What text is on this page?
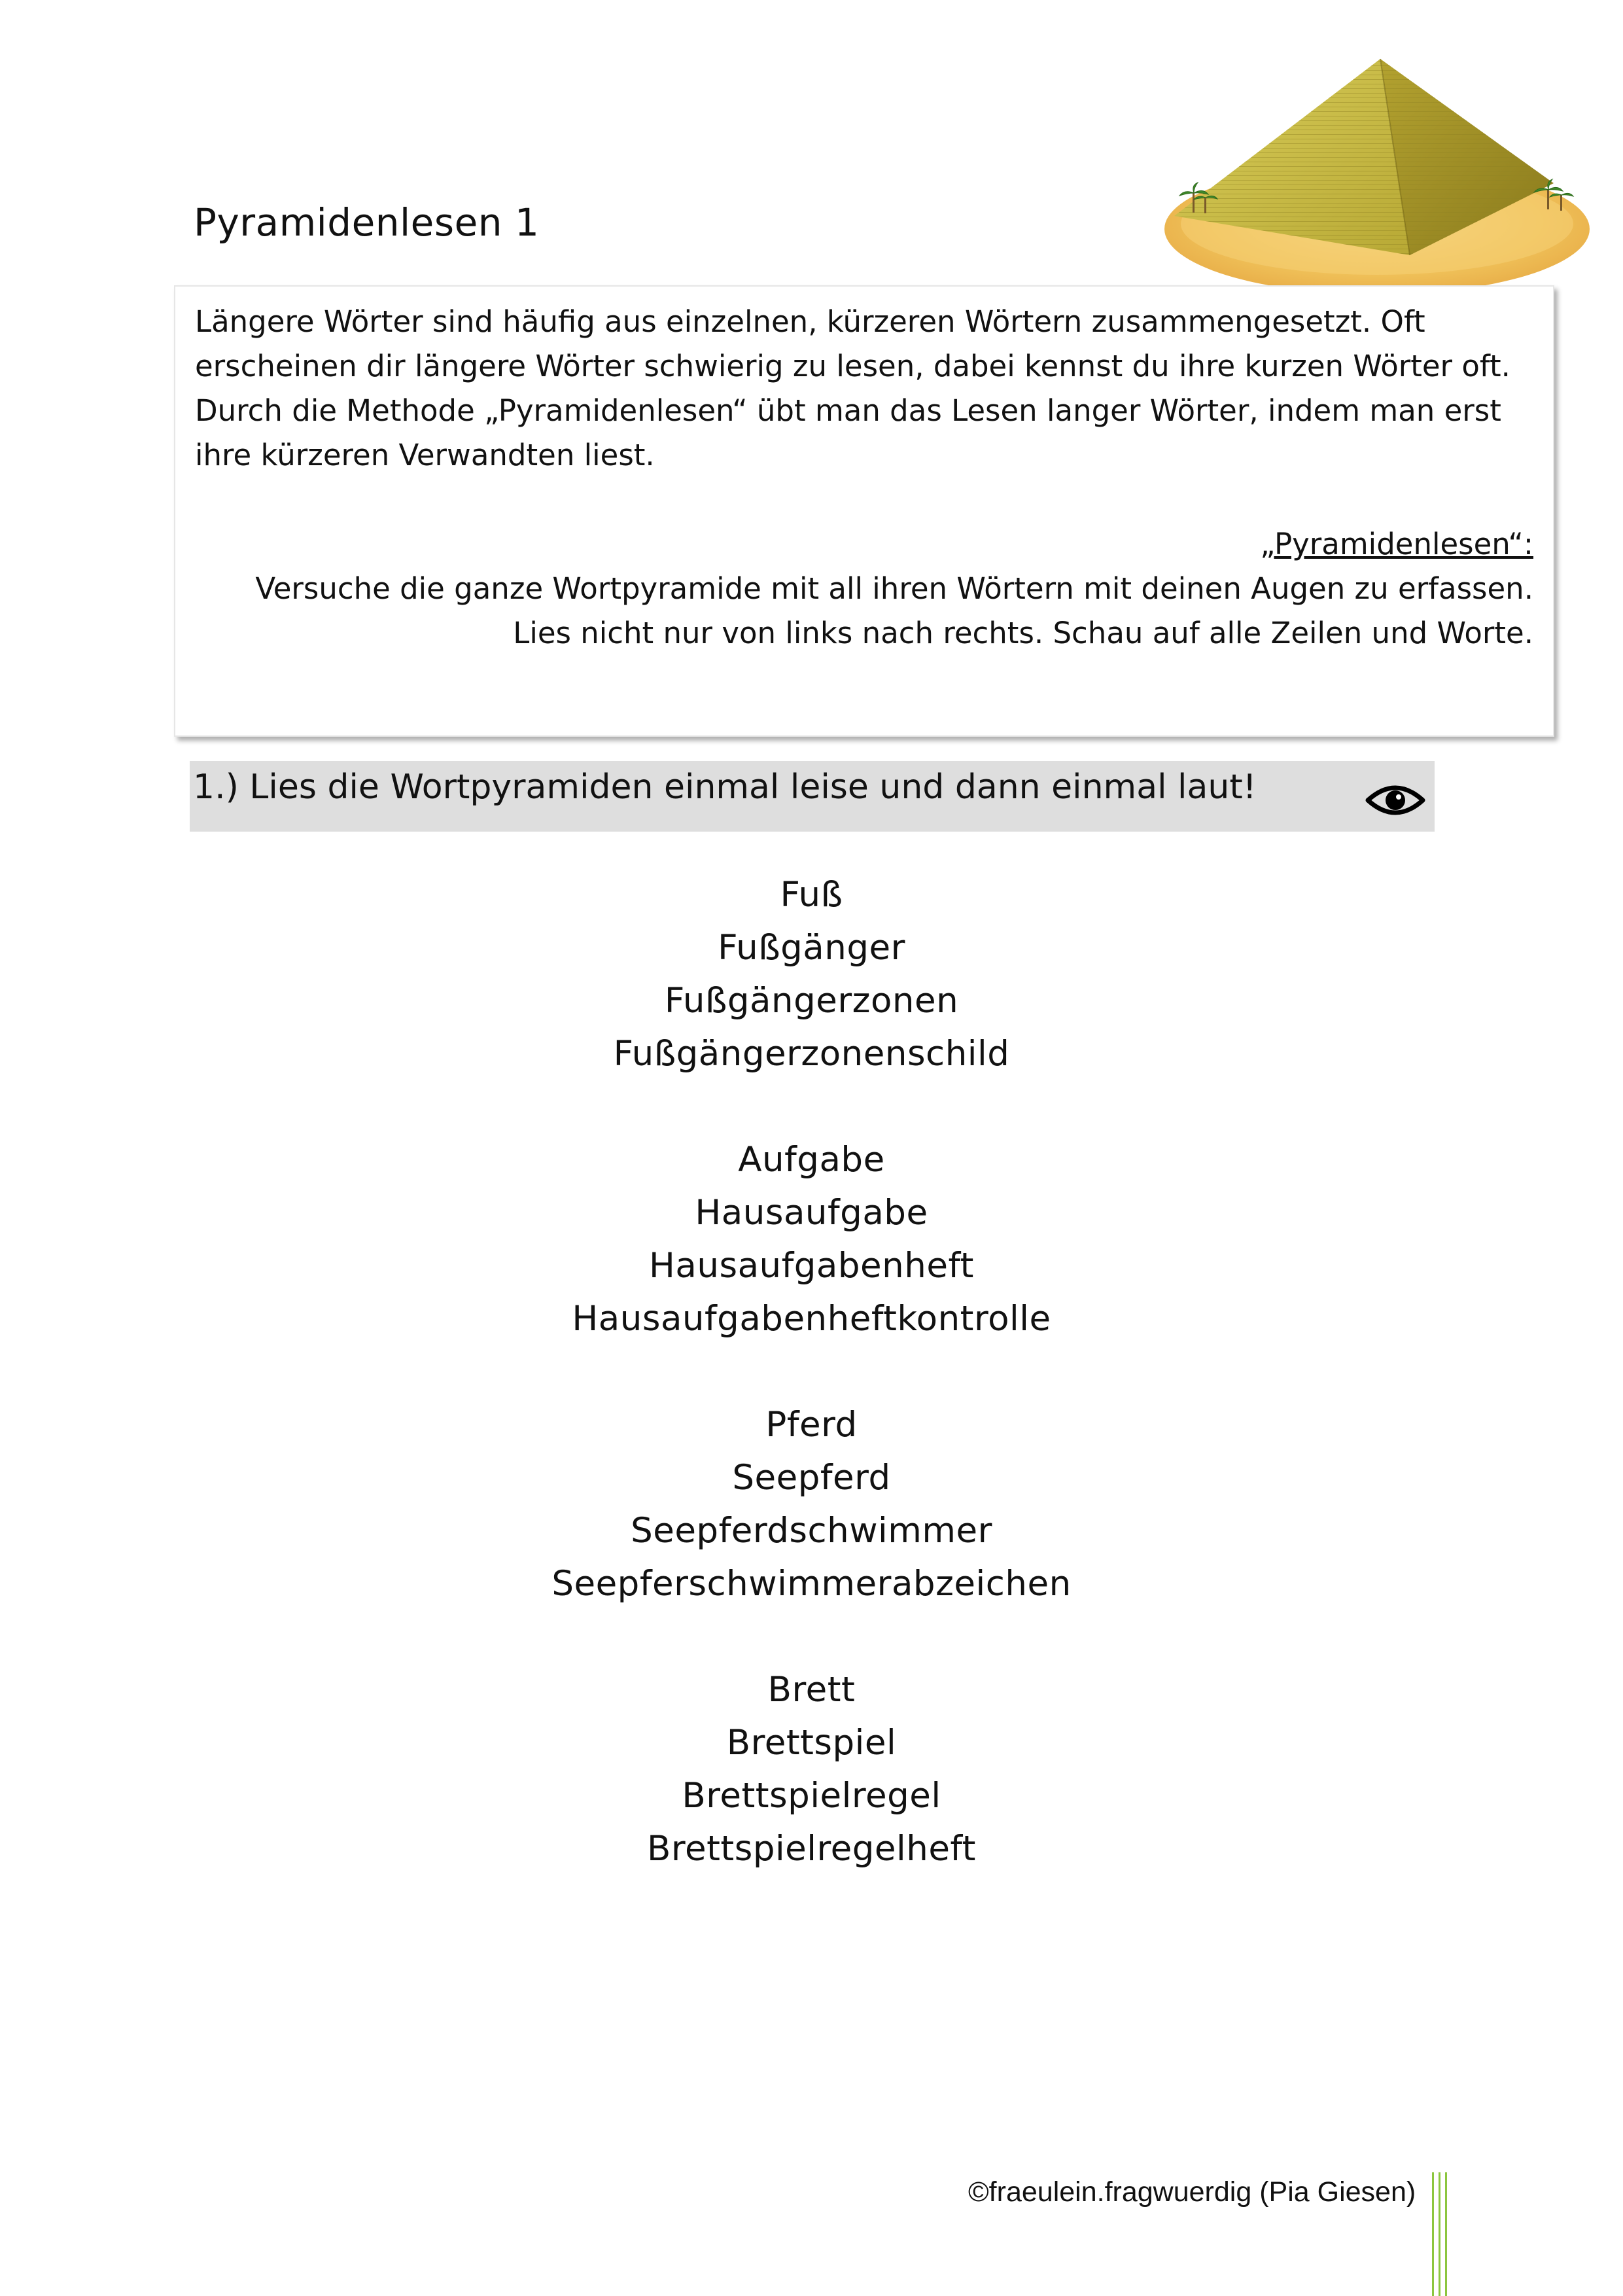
Pyramidenlesen 1

Längere Wörter sind häufig aus einzelnen, kürzeren Wörtern zusammengesetzt. Oft
erscheinen dir längere Wörter schwierig zu lesen, dabei kennst du ihre kurzen Wörter oft.
Durch die Methode „Pyramidenlesen“ übt man das Lesen langer Wörter, indem man erst
ihre kürzeren Verwandten liest.

„Pyramidenlesen“:
Versuche die ganze Wortpyramide mit all ihren Wörtern mit deinen Augen zu erfassen.
Lies nicht nur von links nach rechts. Schau auf alle Zeilen und Worte.

1.) Lies die Wortpyramiden einmal leise und dann einmal laut!

Fuß
Fußgänger
Fußgängerzonen
Fußgängerzonenschild
Aufgabe
Hausaufgabe
Hausaufgabenheft
Hausaufgabenheftkontrolle
Pferd
Seepferd
Seepferdschwimmer
Seepferschwimmerabzeichen
Brett
Brettspiel
Brettspielregel
Brettspielregelheft
©fraeulein.fragwuerdig (Pia Giesen)
